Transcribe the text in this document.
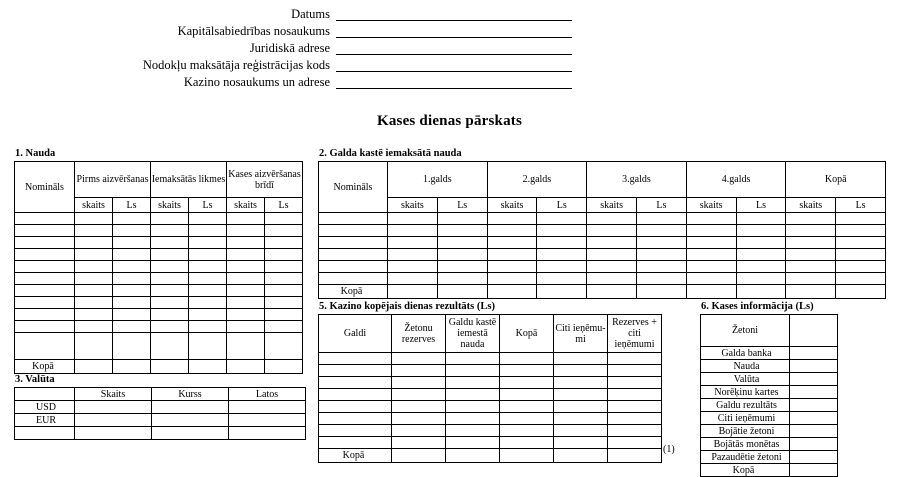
Datums
Kapitālsabiedrības nosaukums
Juridiskā adrese
Nodokļu maksātāja reģistrācijas kods
Kazino nosaukums un adrese
Kases dienas pārskats
1. Nauda
Nomināls	Pirms aizvēršanas		Iemaksātās likmes		Kases aizvēršanas brīdī	
	skaits	Ls	skaits	Ls	skaits	Ls

Kopā						
2. Galda kastē iemaksātā nauda
Nomināls	1.galds		2.galds		3.galds		4.galds		Kopā	
	skaits	Ls	skaits	Ls	skaits	Ls	skaits	Ls	skaits	Ls

Kopā										
3. Valūta
	Skaits	Kurss	Latos
USD			
EUR			

5. Kazino kopējais dienas rezultāts (Ls)
Galdi	Žetonu rezerves	Galdu kastē iemestā nauda	Kopā	Citi ieņēmu-mi	Rezerves + citi ieņēmumi

Kopā					
(1)
6. Kases informācija (Ls)
Žetoni	
Galda banka	
Nauda	
Valūta	
Norēķinu kartes	
Galdu rezultāts	
Citi ieņēmumi	
Bojātie žetoni	
Bojātās monētas	
Pazaudētie žetoni	
Kopā	
